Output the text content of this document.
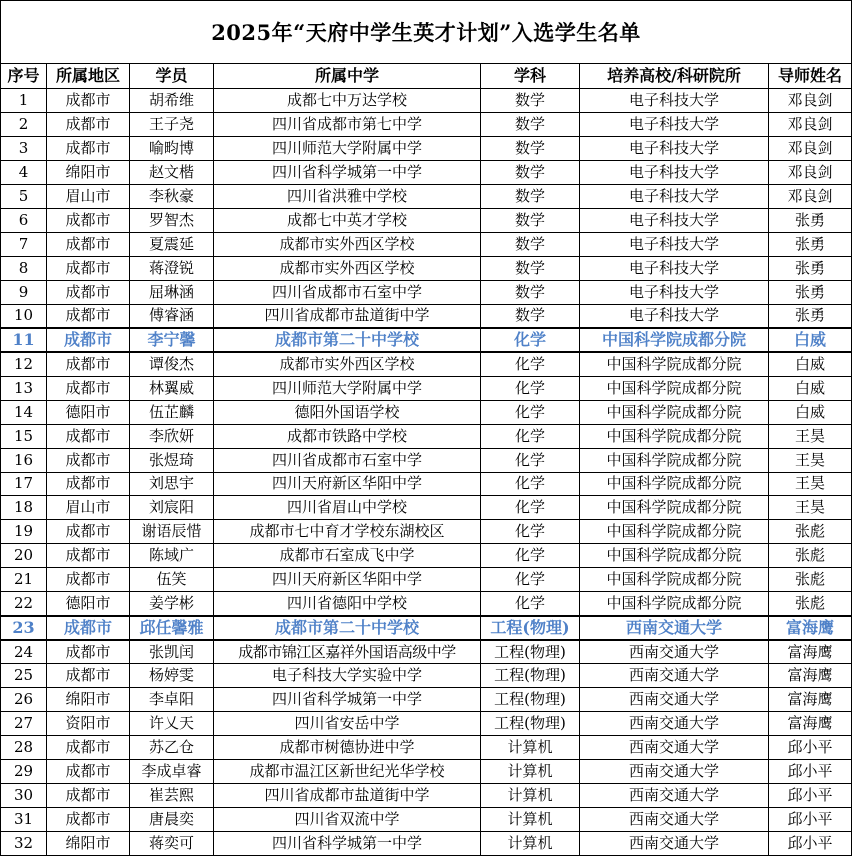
2025年“天府中学生英才计划”入选学生名单						
序号	所属地区	学员	所属中学	学科	培养高校/科研院所	导师姓名
1	成都市	胡希维	成都七中万达学校	数学	电子科技大学	邓良剑
2	成都市	王子尧	四川省成都市第七中学	数学	电子科技大学	邓良剑
3	成都市	喻畇博	四川师范大学附属中学	数学	电子科技大学	邓良剑
4	绵阳市	赵文楷	四川省科学城第一中学	数学	电子科技大学	邓良剑
5	眉山市	李秋豪	四川省洪雅中学校	数学	电子科技大学	邓良剑
6	成都市	罗智杰	成都七中英才学校	数学	电子科技大学	张勇
7	成都市	夏震延	成都市实外西区学校	数学	电子科技大学	张勇
8	成都市	蒋澄锐	成都市实外西区学校	数学	电子科技大学	张勇
9	成都市	屈琳涵	四川省成都市石室中学	数学	电子科技大学	张勇
10	成都市	傅睿涵	四川省成都市盐道街中学	数学	电子科技大学	张勇
11	成都市	李宁馨	成都市第二十中学校	化学	中国科学院成都分院	白威
12	成都市	谭俊杰	成都市实外西区学校	化学	中国科学院成都分院	白威
13	成都市	林翼威	四川师范大学附属中学	化学	中国科学院成都分院	白威
14	德阳市	伍芷麟	德阳外国语学校	化学	中国科学院成都分院	白威
15	成都市	李欣妍	成都市铁路中学校	化学	中国科学院成都分院	王昊
16	成都市	张煜琦	四川省成都市石室中学	化学	中国科学院成都分院	王昊
17	成都市	刘思宇	四川天府新区华阳中学	化学	中国科学院成都分院	王昊
18	眉山市	刘宸阳	四川省眉山中学校	化学	中国科学院成都分院	王昊
19	成都市	谢语辰惜	成都市七中育才学校东湖校区	化学	中国科学院成都分院	张彪
20	成都市	陈域广	成都市石室成飞中学	化学	中国科学院成都分院	张彪
21	成都市	伍笑	四川天府新区华阳中学	化学	中国科学院成都分院	张彪
22	德阳市	姜学彬	四川省德阳中学校	化学	中国科学院成都分院	张彪
23	成都市	邱任馨雅	成都市第二十中学校	工程(物理)	西南交通大学	富海鹰
24	成都市	张凯闰	成都市锦江区嘉祥外国语高级中学	工程(物理)	西南交通大学	富海鹰
25	成都市	杨婷雯	电子科技大学实验中学	工程(物理)	西南交通大学	富海鹰
26	绵阳市	李卓阳	四川省科学城第一中学	工程(物理)	西南交通大学	富海鹰
27	资阳市	许乂天	四川省安岳中学	工程(物理)	西南交通大学	富海鹰
28	成都市	苏乙仓	成都市树德协进中学	计算机	西南交通大学	邱小平
29	成都市	李成卓睿	成都市温江区新世纪光华学校	计算机	西南交通大学	邱小平
30	成都市	崔芸熙	四川省成都市盐道街中学	计算机	西南交通大学	邱小平
31	成都市	唐晨奕	四川省双流中学	计算机	西南交通大学	邱小平
32	绵阳市	蒋奕可	四川省科学城第一中学	计算机	西南交通大学	邱小平
